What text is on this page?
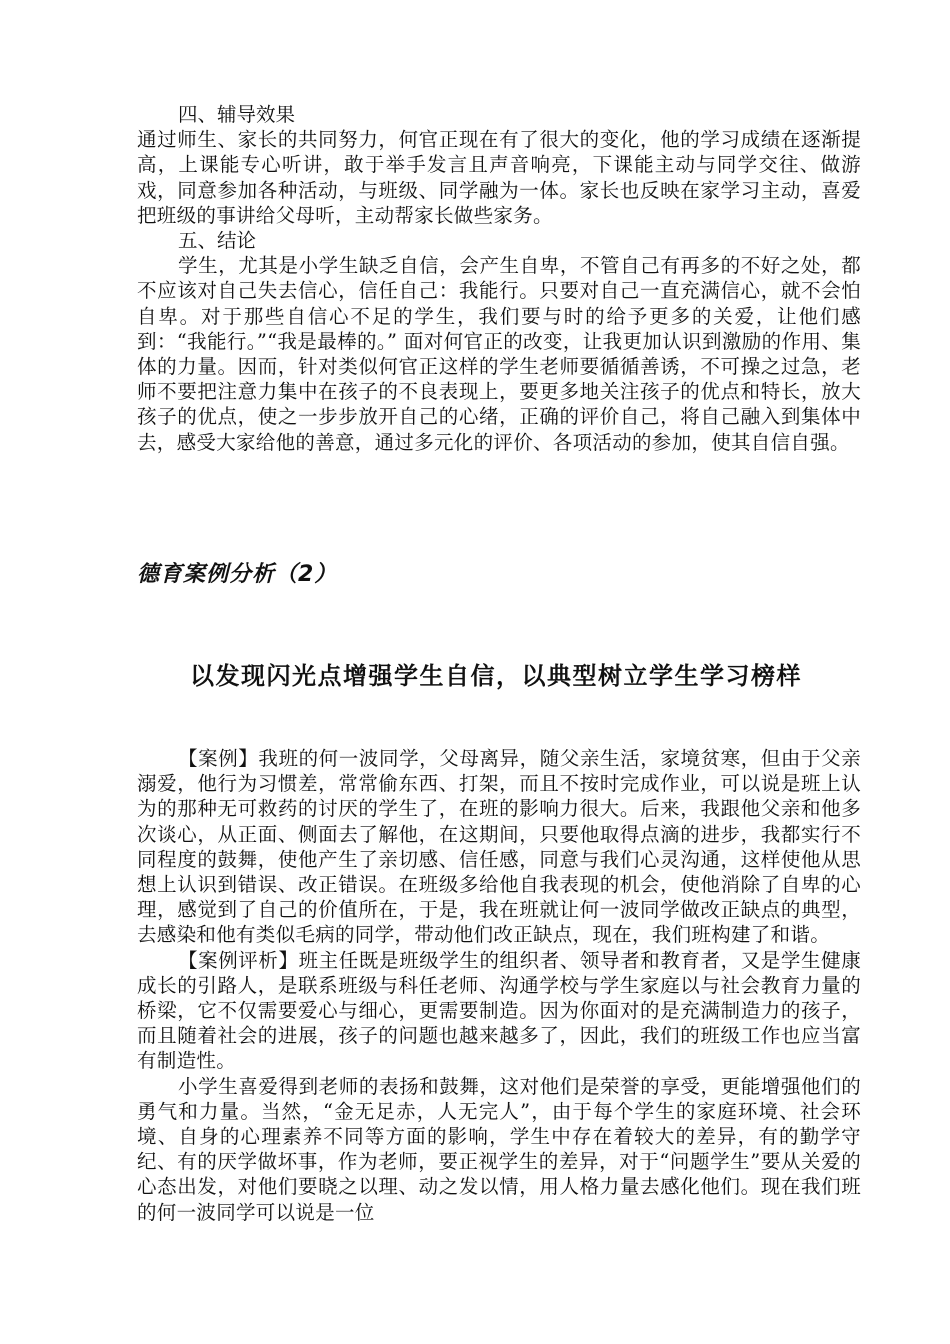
四、辅导效果

通过师生、家长的共同努力，何官正现在有了很大的变化，他的学习成绩在逐渐提高，上课能专心听讲，敢于举手发言且声音响亮，下课能主动与同学交往、做游戏，同意参加各种活动，与班级、同学融为一体。家长也反映在家学习主动，喜爱把班级的事讲给父母听，主动帮家长做些家务。

五、结论

学生，尤其是小学生缺乏自信，会产生自卑，不管自己有再多的不好之处，都不应该对自己失去信心，信任自己：我能行。只要对自己一直充满信心，就不会怕自卑。对于那些自信心不足的学生，我们要与时的给予更多的关爱，让他们感到：“我能行。”“我是最棒的。” 面对何官正的改变，让我更加认识到激励的作用、集体的力量。因而，针对类似何官正这样的学生老师要循循善诱，不可操之过急，老师不要把注意力集中在孩子的不良表现上，要更多地关注孩子的优点和特长，放大孩子的优点，使之一步步放开自己的心绪，正确的评价自己，将自己融入到集体中去，感受大家给他的善意，通过多元化的评价、各项活动的参加，使其自信自强。

德育案例分析（2）
以发现闪光点增强学生自信，以典型树立学生学习榜样

【案例】我班的何一波同学，父母离异，随父亲生活，家境贫寒，但由于父亲溺爱，他行为习惯差，常常偷东西、打架，而且不按时完成作业，可以说是班上认为的那种无可救药的讨厌的学生了，在班的影响力很大。后来，我跟他父亲和他多次谈心，从正面、侧面去了解他，在这期间，只要他取得点滴的进步，我都实行不同程度的鼓舞，使他产生了亲切感、信任感，同意与我们心灵沟通，这样使他从思想上认识到错误、改正错误。在班级多给他自我表现的机会，使他消除了自卑的心理，感觉到了自己的价值所在，于是，我在班就让何一波同学做改正缺点的典型，去感染和他有类似毛病的同学，带动他们改正缺点，现在，我们班构建了和谐。

【案例评析】班主任既是班级学生的组织者、领导者和教育者，又是学生健康成长的引路人，是联系班级与科任老师、沟通学校与学生家庭以与社会教育力量的桥梁，它不仅需要爱心与细心，更需要制造。因为你面对的是充满制造力的孩子，而且随着社会的进展，孩子的问题也越来越多了，因此，我们的班级工作也应当富有制造性。

小学生喜爱得到老师的表扬和鼓舞，这对他们是荣誉的享受，更能增强他们的勇气和力量。当然，“金无足赤，人无完人”，由于每个学生的家庭环境、社会环境、自身的心理素养不同等方面的影响，学生中存在着较大的差异，有的勤学守纪、有的厌学做坏事，作为老师，要正视学生的差异，对于“问题学生”要从关爱的心态出发，对他们要晓之以理、动之发以情，用人格力量去感化他们。现在我们班的何一波同学可以说是一位
